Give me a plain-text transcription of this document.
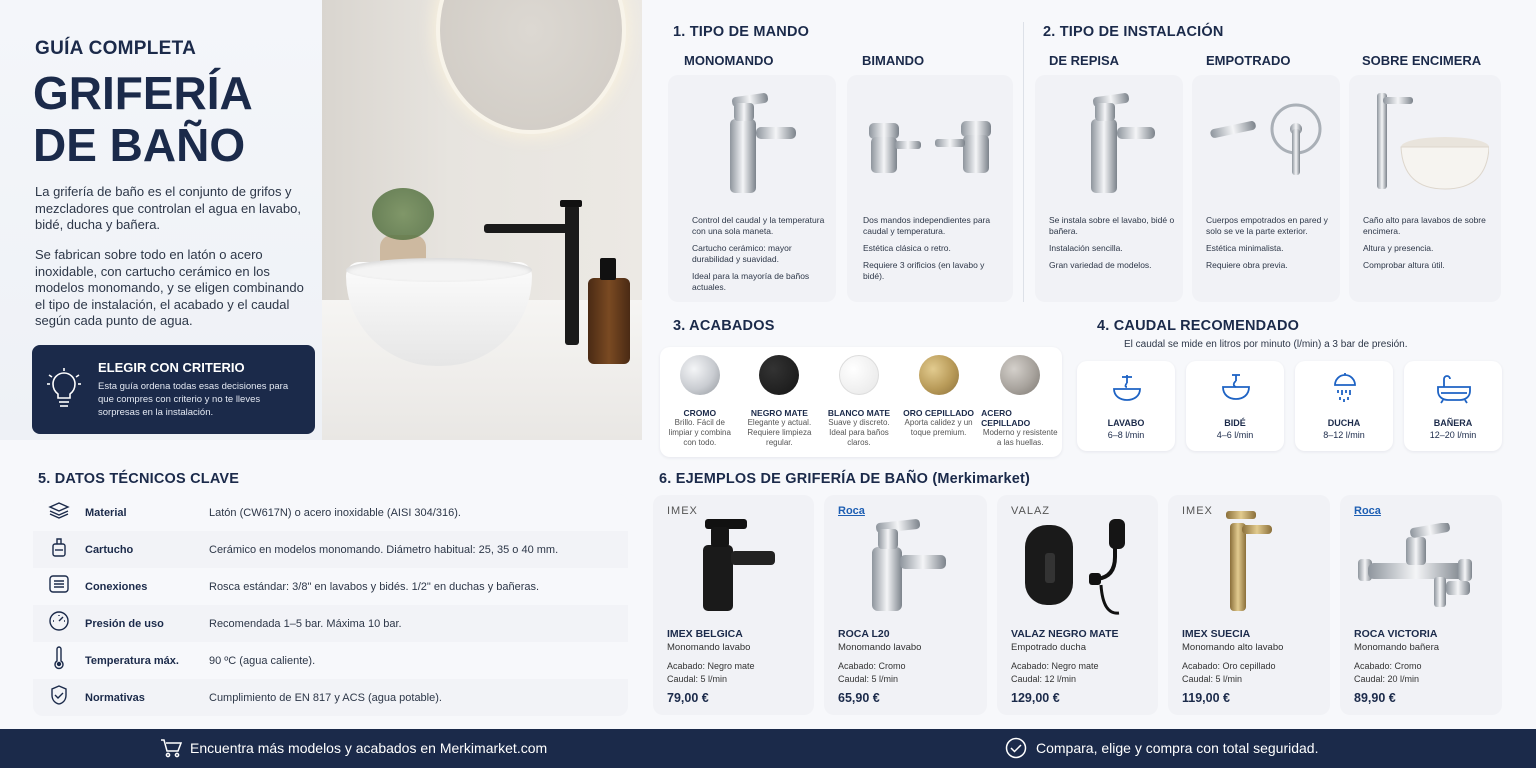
GUÍA COMPLETA
GRIFERÍA
DE BAÑO
La grifería de baño es el conjunto de grifos y mezcladores que controlan el agua en lavabo, bidé, ducha y bañera.
Se fabrican sobre todo en latón o acero inoxidable, con cartucho cerámico en los modelos monomando, y se eligen combinando el tipo de instalación, el acabado y el caudal según cada punto de agua.
ELEGIR CON CRITERIO
Esta guía ordena todas esas decisiones para que compres con criterio y no te lleves sorpresas en la instalación.
1. TIPO DE MANDO
MONOMANDO	BIMANDO
Control del caudal y la temperatura con una sola maneta.
Cartucho cerámico: mayor durabilidad y suavidad.
Ideal para la mayoría de baños actuales.
Dos mandos independientes para caudal y temperatura.
Estética clásica o retro.
Requiere 3 orificios (en lavabo y bidé).
2. TIPO DE INSTALACIÓN
DE REPISA	EMPOTRADO	SOBRE ENCIMERA
Se instala sobre el lavabo, bidé o bañera.
Instalación sencilla.
Gran variedad de modelos.
Cuerpos empotrados en pared y solo se ve la parte exterior.
Estética minimalista.
Requiere obra previa.
Caño alto para lavabos de sobre encimera.
Altura y presencia.
Comprobar altura útil.
3. ACABADOS
CROMO
Brillo. Fácil de limpiar y combina con todo.
NEGRO MATE
Elegante y actual. Requiere limpieza regular.
BLANCO MATE
Suave y discreto. Ideal para baños claros.
ORO CEPILLADO
Aporta calidez y un toque premium.
ACERO CEPILLADO
Moderno y resistente a las huellas.
4. CAUDAL RECOMENDADO
El caudal se mide en litros por minuto (l/min) a 3 bar de presión.
LAVABO
6–8 l/min
BIDÉ
4–6 l/min
DUCHA
8–12 l/min
BAÑERA
12–20 l/min
5. DATOS TÉCNICOS CLAVE
Material	Latón (CW617N) o acero inoxidable (AISI 304/316).
Cartucho	Cerámico en modelos monomando. Diámetro habitual: 25, 35 o 40 mm.
Conexiones	Rosca estándar: 3/8" en lavabos y bidés. 1/2" en duchas y bañeras.
Presión de uso	Recomendada 1–5 bar. Máxima 10 bar.
Temperatura máx.	90 ºC (agua caliente).
Normativas	Cumplimiento de EN 817 y ACS (agua potable).
6. EJEMPLOS DE GRIFERÍA DE BAÑO (Merkimarket)
IMEX
IMEX BELGICA
Monomando lavabo
Acabado: Negro mate
Caudal: 5 l/min
79,00 €
Roca
ROCA L20
Monomando lavabo
Acabado: Cromo
Caudal: 5 l/min
65,90 €
VALAZ
VALAZ NEGRO MATE
Empotrado ducha
Acabado: Negro mate
Caudal: 12 l/min
129,00 €
IMEX
IMEX SUECIA
Monomando alto lavabo
Acabado: Oro cepillado
Caudal: 5 l/min
119,00 €
Roca
ROCA VICTORIA
Monomando bañera
Acabado: Cromo
Caudal: 20 l/min
89,90 €
Encuentra más modelos y acabados en Merkimarket.com	Compara, elige y compra con total seguridad.
